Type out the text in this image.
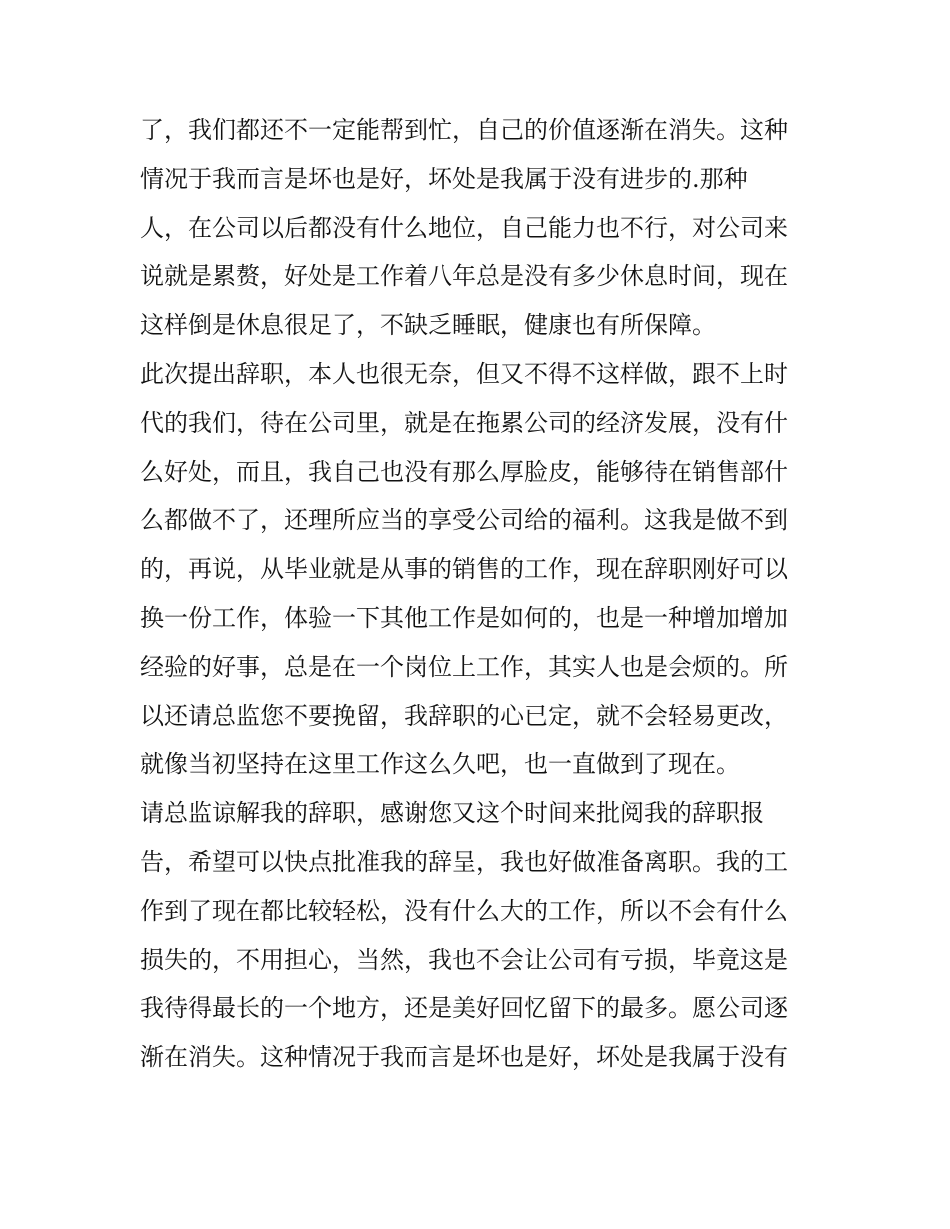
了，我们都还不一定能帮到忙，自己的价值逐渐在消失。这种
情况于我而言是坏也是好，坏处是我属于没有进步的.那种
人，在公司以后都没有什么地位，自己能力也不行，对公司来
说就是累赘，好处是工作着八年总是没有多少休息时间，现在
这样倒是休息很足了，不缺乏睡眠，健康也有所保障。
此次提出辞职，本人也很无奈，但又不得不这样做，跟不上时
代的我们，待在公司里，就是在拖累公司的经济发展，没有什
么好处，而且，我自己也没有那么厚脸皮，能够待在销售部什
么都做不了，还理所应当的享受公司给的福利。这我是做不到
的，再说，从毕业就是从事的销售的工作，现在辞职刚好可以
换一份工作，体验一下其他工作是如何的，也是一种增加增加
经验的好事，总是在一个岗位上工作，其实人也是会烦的。所
以还请总监您不要挽留，我辞职的心已定，就不会轻易更改，
就像当初坚持在这里工作这么久吧，也一直做到了现在。
请总监谅解我的辞职，感谢您又这个时间来批阅我的辞职报
告，希望可以快点批准我的辞呈，我也好做准备离职。我的工
作到了现在都比较轻松，没有什么大的工作，所以不会有什么
损失的，不用担心，当然，我也不会让公司有亏损，毕竟这是
我待得最长的一个地方，还是美好回忆留下的最多。愿公司逐
渐在消失。这种情况于我而言是坏也是好，坏处是我属于没有
